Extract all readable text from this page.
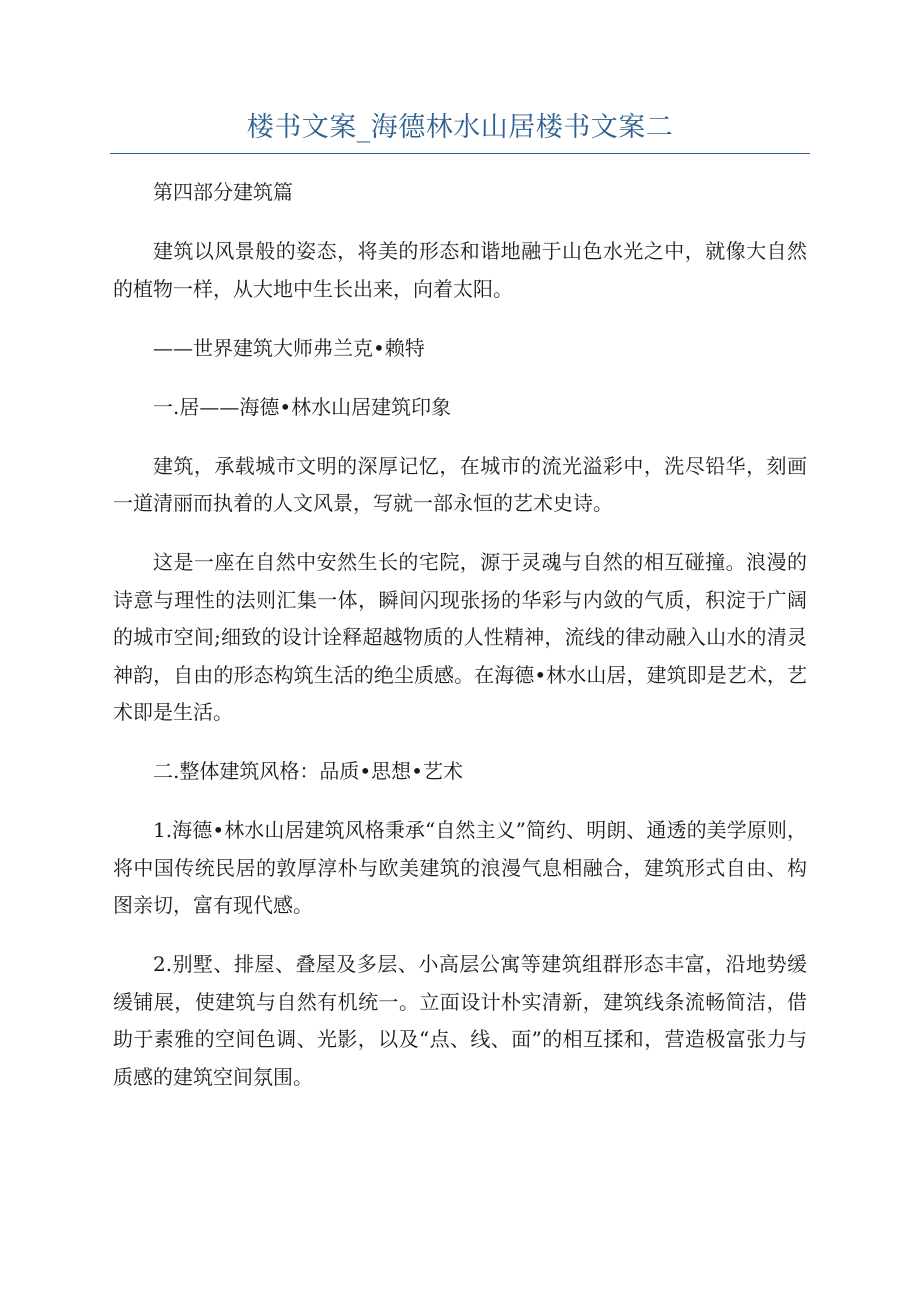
楼书文案_海德林水山居楼书文案二

第四部分建筑篇

建筑以风景般的姿态，将美的形态和谐地融于山色水光之中，就像大自然的植物一样，从大地中生长出来，向着太阳。

——世界建筑大师弗兰克•赖特

一.居——海德•林水山居建筑印象

建筑，承载城市文明的深厚记忆，在城市的流光溢彩中，洗尽铅华，刻画一道清丽而执着的人文风景，写就一部永恒的艺术史诗。

这是一座在自然中安然生长的宅院，源于灵魂与自然的相互碰撞。浪漫的诗意与理性的法则汇集一体，瞬间闪现张扬的华彩与内敛的气质，积淀于广阔的城市空间;细致的设计诠释超越物质的人性精神，流线的律动融入山水的清灵神韵，自由的形态构筑生活的绝尘质感。在海德•林水山居，建筑即是艺术，艺术即是生活。

二.整体建筑风格：品质•思想•艺术

1.海德•林水山居建筑风格秉承“自然主义”简约、明朗、通透的美学原则，将中国传统民居的敦厚淳朴与欧美建筑的浪漫气息相融合，建筑形式自由、构图亲切，富有现代感。

2.别墅、排屋、叠屋及多层、小高层公寓等建筑组群形态丰富，沿地势缓缓铺展，使建筑与自然有机统一。立面设计朴实清新，建筑线条流畅简洁，借助于素雅的空间色调、光影，以及“点、线、面”的相互揉和，营造极富张力与质感的建筑空间氛围。
